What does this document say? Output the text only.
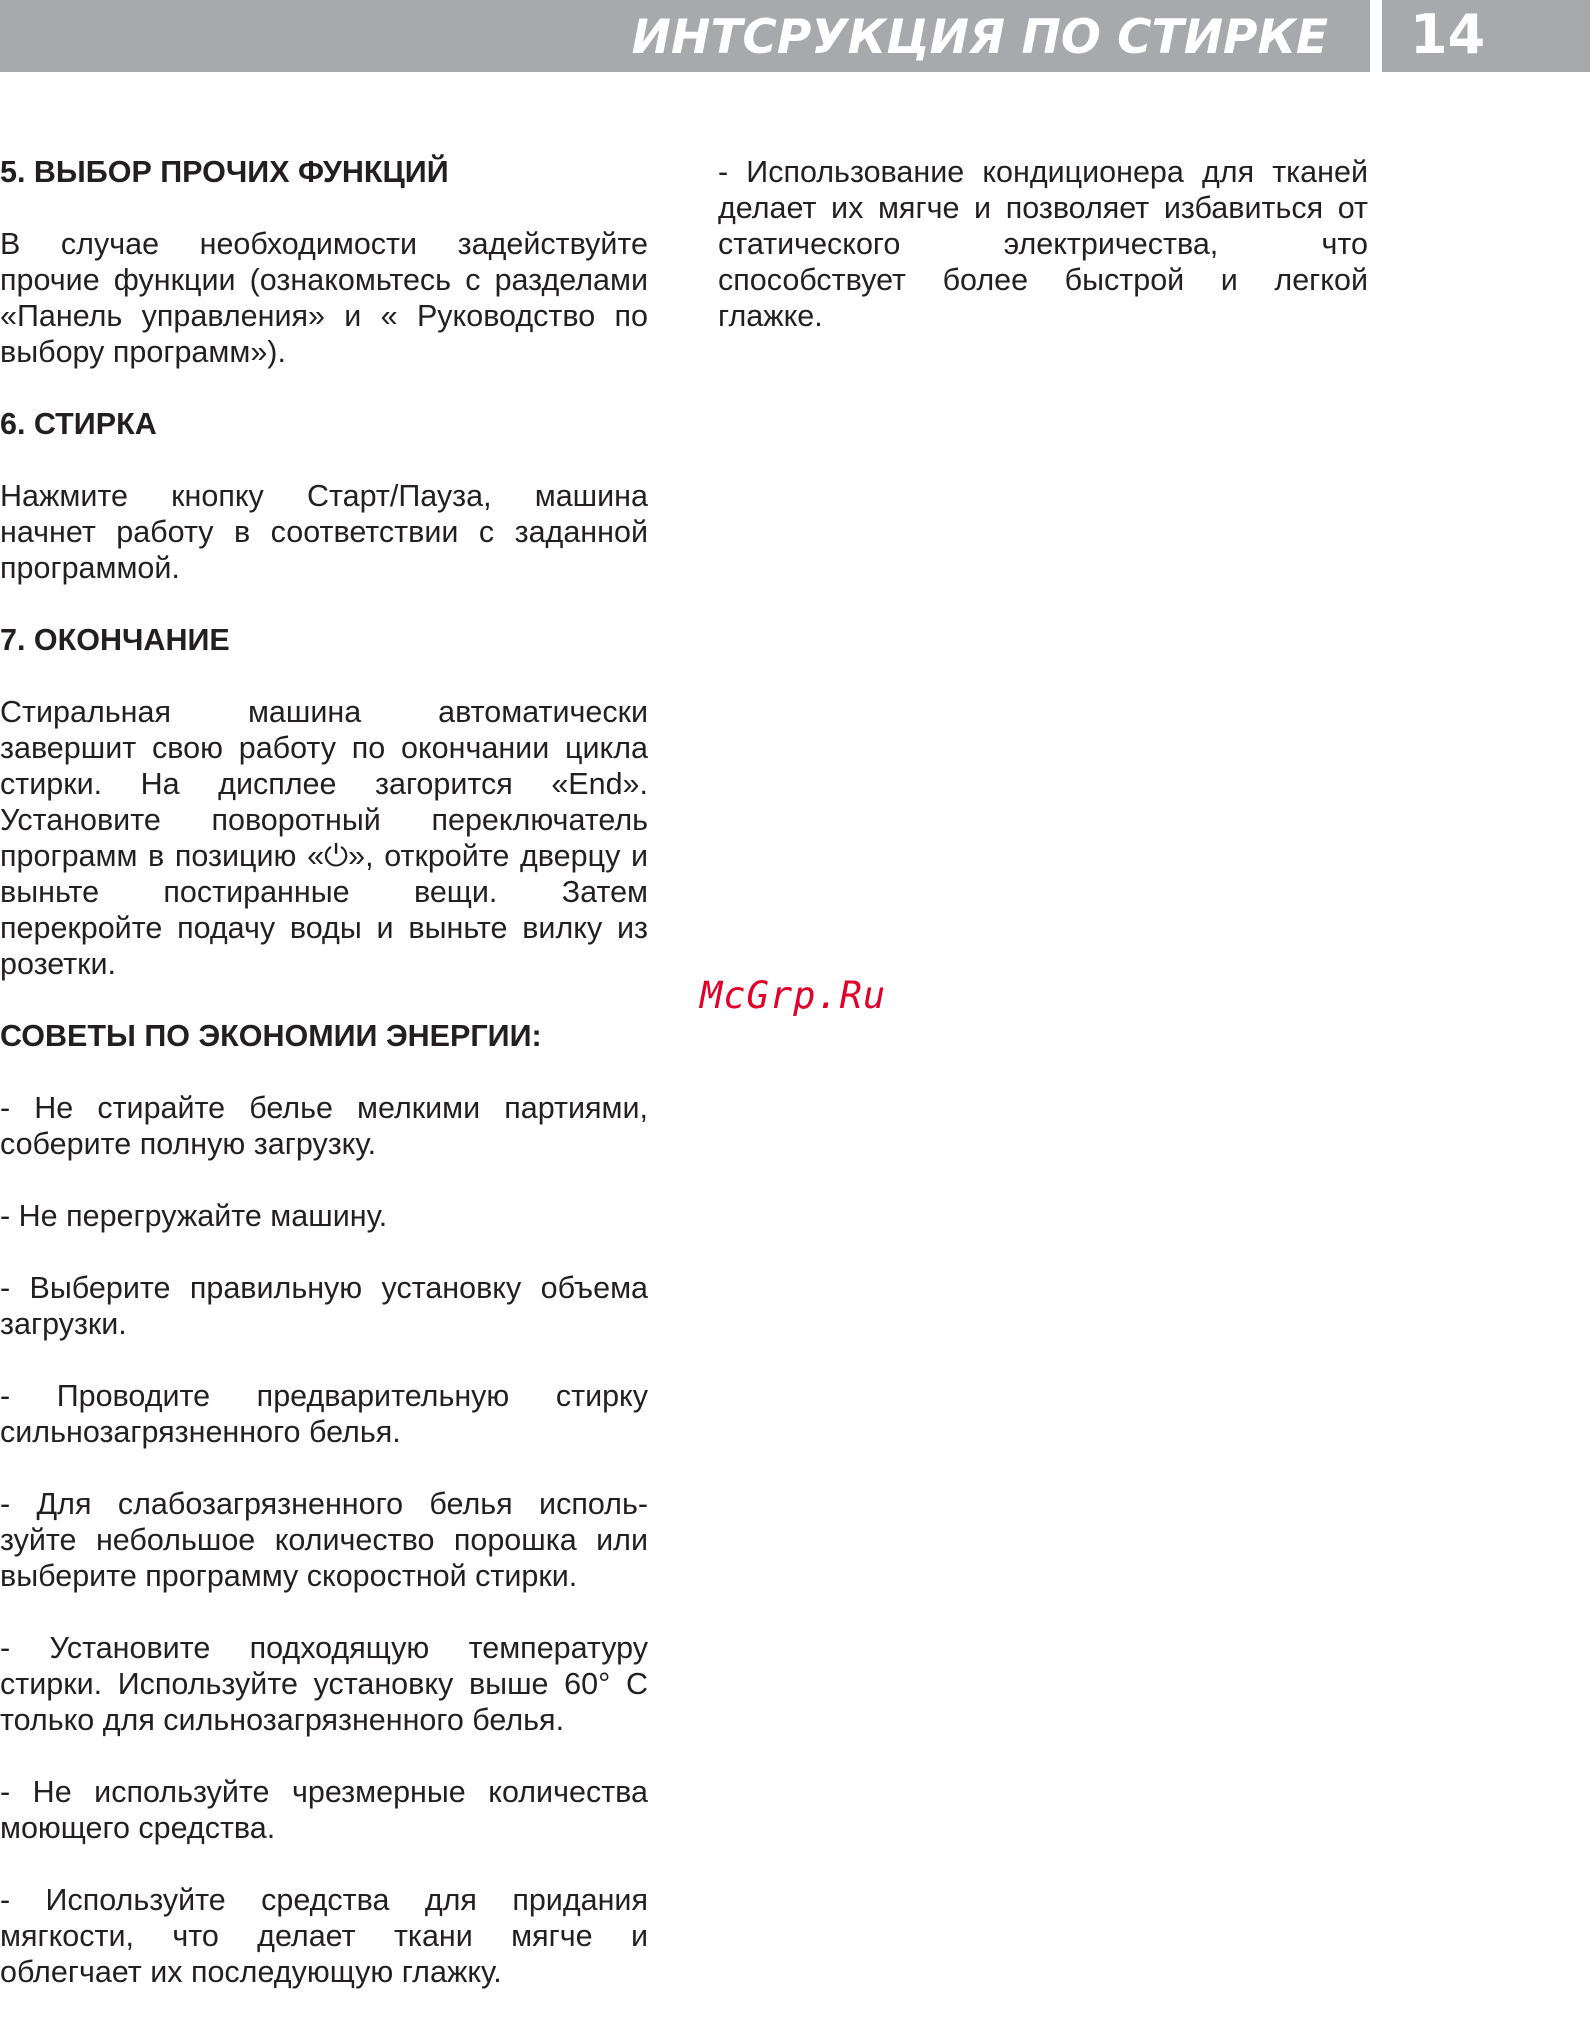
ИНТСРУКЦИЯ ПО СТИРКЕ 14
5. ВЫБОР ПРОЧИХ ФУНКЦИЙ

В случае необходимости задействуйте прочие функции (ознакомьтесь с разделами «Панель управления» и « Руководство по выбору программ»).

6. СТИРКА

Нажмите кнопку Старт/Пауза, машина начнет работу в соответствии с заданной программой.

7. ОКОНЧАНИЕ

Стиральная машина автоматически завершит свою работу по окончании цикла стирки. На дисплее загорится «End». Установите поворотный переключатель программ в позицию «⏻», откройте дверцу и выньте постиранные вещи. Затем перекройте подачу воды и выньте вилку из розетки.

СОВЕТЫ ПО ЭКОНОМИИ ЭНЕРГИИ:

- Не стирайте белье мелкими партиями, соберите полную загрузку.

- Не перегружайте машину.

- Выберите правильную установку объема загрузки.

- Проводите предварительную стирку сильнозагрязненного белья.

- Для слабозагрязненного белья исполь-зуйте небольшое количество порошка или выберите программу скоростной стирки.

- Установите подходящую температуру стирки. Используйте установку выше 60° С только для сильнозагрязненного белья.

- Не используйте чрезмерные количества моющего средства.

- Используйте средства для придания мягкости, что делает ткани мягче и облегчает их последующую глажку.

- Использование кондиционера для тканей делает их мягче и позволяет избавиться от статического электричества, что способствует более быстрой и легкой глажке.

McGrp.Ru
